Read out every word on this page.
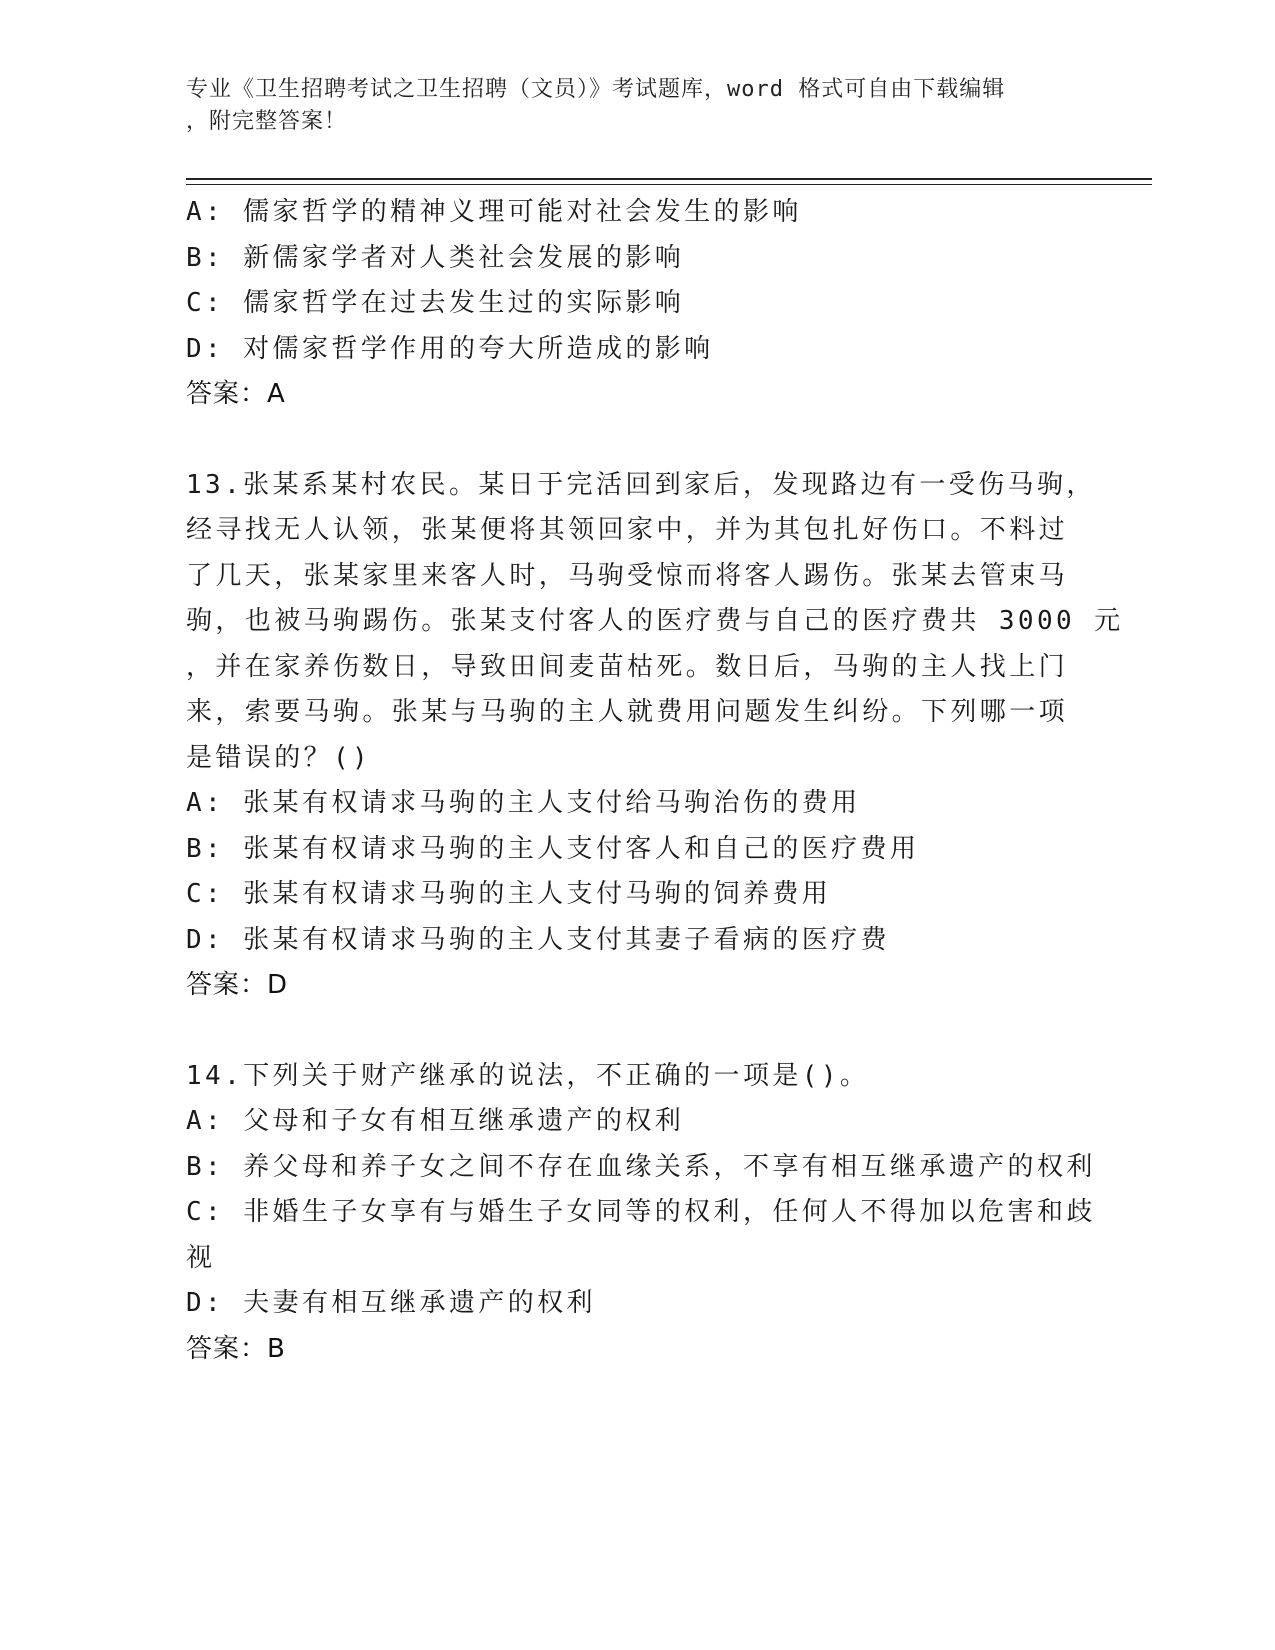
专业《卫生招聘考试之卫生招聘（文员）》考试题库，word 格式可自由下载编辑
，附完整答案！
A: 儒家哲学的精神义理可能对社会发生的影响
B: 新儒家学者对人类社会发展的影响
C: 儒家哲学在过去发生过的实际影响
D: 对儒家哲学作用的夸大所造成的影响
答案：A
13.张某系某村农民。某日于完活回到家后，发现路边有一受伤马驹，
经寻找无人认领，张某便将其领回家中，并为其包扎好伤口。不料过
了几天，张某家里来客人时，马驹受惊而将客人踢伤。张某去管束马
驹，也被马驹踢伤。张某支付客人的医疗费与自己的医疗费共 3000 元
，并在家养伤数日，导致田间麦苗枯死。数日后，马驹的主人找上门
来，索要马驹。张某与马驹的主人就费用问题发生纠纷。下列哪一项
是错误的？()
A: 张某有权请求马驹的主人支付给马驹治伤的费用
B: 张某有权请求马驹的主人支付客人和自己的医疗费用
C: 张某有权请求马驹的主人支付马驹的饲养费用
D: 张某有权请求马驹的主人支付其妻子看病的医疗费
答案：D
14.下列关于财产继承的说法，不正确的一项是()。
A: 父母和子女有相互继承遗产的权利
B: 养父母和养子女之间不存在血缘关系，不享有相互继承遗产的权利
C: 非婚生子女享有与婚生子女同等的权利，任何人不得加以危害和歧
视
D: 夫妻有相互继承遗产的权利
答案：B
